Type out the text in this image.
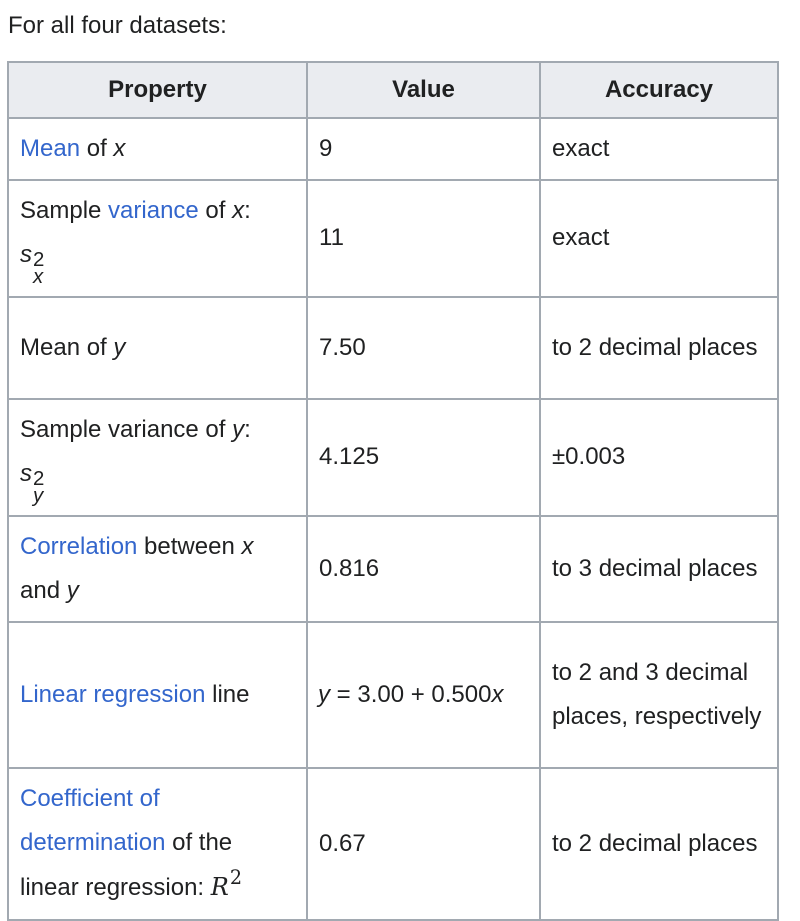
For all four datasets:
Property	Value	Accuracy
Mean of x	9	exact
Sample variance of x:
s 2
x	11	exact
Mean of y	7.50	to 2 decimal places
Sample variance of y:
s 2
y	4.125	±0.003
Correlation between x
and y	0.816	to 3 decimal places
Linear regression line	y = 3.00 + 0.500x	to 2 and 3 decimal places, respectively
Coefficient of determination of the linear regression: $R^2$	0.67	to 2 decimal places
